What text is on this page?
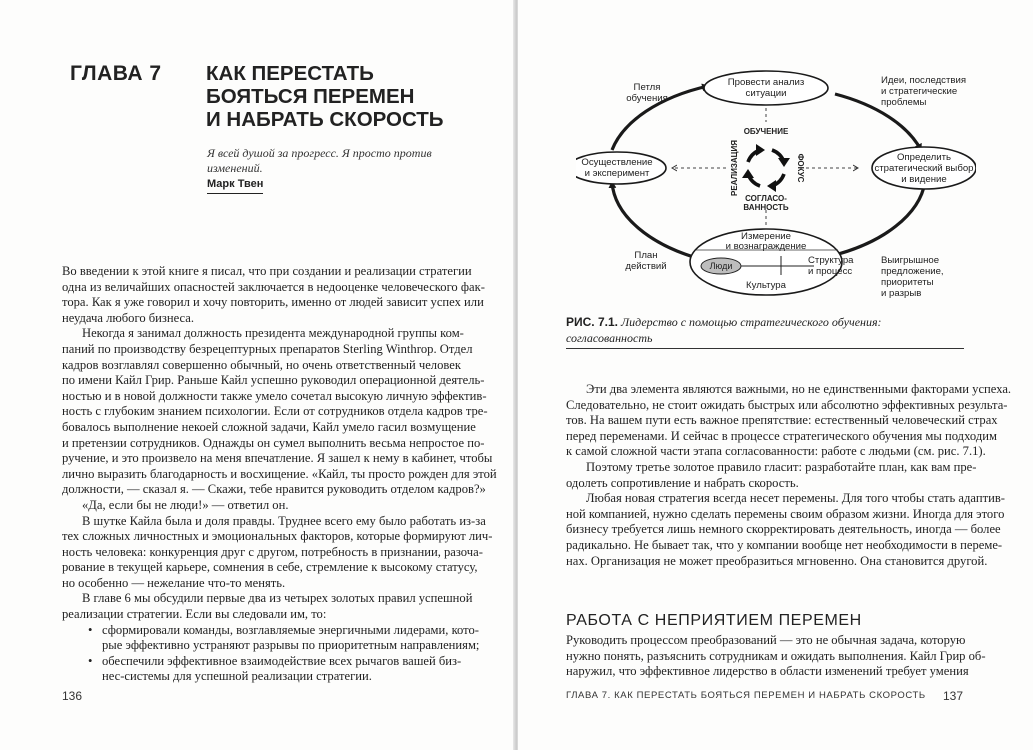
ГЛАВА 7 КАК ПЕРЕСТАТЬ
БОЯТЬСЯ ПЕРЕМЕН
И НАБРАТЬ СКОРОСТЬ
Я всей душой за прогресс. Я просто против
изменений.
Марк Твен
Во введении к этой книге я писал, что при создании и реализации стратегии
одна из величайших опасностей заключается в недооценке человеческого фак-
тора. Как я уже говорил и хочу повторить, именно от людей зависит успех или
неудача любого бизнеса.
Некогда я занимал должность президента международной группы ком-
паний по производству безрецептурных препаратов Sterling Winthrop. Отдел
кадров возглавлял совершенно обычный, но очень ответственный человек
по имени Кайл Грир. Раньше Кайл успешно руководил операционной деятель-
ностью и в новой должности также умело сочетал высокую личную эффектив-
ность с глубоким знанием психологии. Если от сотрудников отдела кадров тре-
бовалось выполнение некоей сложной задачи, Кайл умело гасил возмущение
и претензии сотрудников. Однажды он сумел выполнить весьма непростое по-
ручение, и это произвело на меня впечатление. Я зашел к нему в кабинет, чтобы
лично выразить благодарность и восхищение. «Кайл, ты просто рожден для этой
должности, — сказал я. — Скажи, тебе нравится руководить отделом кадров?»
«Да, если бы не люди!» — ответил он.
В шутке Кайла была и доля правды. Труднее всего ему было работать из-за
тех сложных личностных и эмоциональных факторов, которые формируют лич-
ность человека: конкуренция друг с другом, потребность в признании, разоча-
рование в текущей карьере, сомнения в себе, стремление к высокому статусу,
но особенно — нежелание что-то менять.
В главе 6 мы обсудили первые два из четырех золотых правил успешной
реализации стратегии. Если вы следовали им, то:
• сформировали команды, возглавляемые энергичными лидерами, кото-
рые эффективно устраняют разрывы по приоритетным направлениям;
• обеспечили эффективное взаимодействие всех рычагов вашей биз-
нес-системы для успешной реализации стратегии.
136
Провести анализ
ситуации
Определить
стратегический выбор
и видение
Осуществление
и эксперимент
Измерение
и вознаграждение
Люди
Культура
Структура
и процесс
Петля
обучения
План
действий
Идеи, последствия
и стратегические
проблемы
Выигрышное
предложение,
приоритеты
и разрыв
ОБУЧЕНИЕ
СОГЛАСО-
ВАННОСТЬ
РЕАЛИЗАЦИЯ	ФОКУС
РИС. 7.1. Лидерство с помощью стратегического обучения:
согласованность
Эти два элемента являются важными, но не единственными факторами успеха.
Следовательно, не стоит ожидать быстрых или абсолютно эффективных результа-
тов. На вашем пути есть важное препятствие: естественный человеческий страх
перед переменами. И сейчас в процессе стратегического обучения мы подходим
к самой сложной части этапа согласованности: работе с людьми (см. рис. 7.1).
Поэтому третье золотое правило гласит: разработайте план, как вам пре-
одолеть сопротивление и набрать скорость.
Любая новая стратегия всегда несет перемены. Для того чтобы стать адаптив-
ной компанией, нужно сделать перемены своим образом жизни. Иногда для этого
бизнесу требуется лишь немного скорректировать деятельность, иногда — более
радикально. Не бывает так, что у компании вообще нет необходимости в переме-
нах. Организация не может преобразиться мгновенно. Она становится другой.
РАБОТА С НЕПРИЯТИЕМ ПЕРЕМЕН
Руководить процессом преобразований — это не обычная задача, которую
нужно понять, разъяснить сотрудникам и ожидать выполнения. Кайл Грир об-
наружил, что эффективное лидерство в области изменений требует умения
ГЛАВА 7. КАК ПЕРЕСТАТЬ БОЯТЬСЯ ПЕРЕМЕН И НАБРАТЬ СКОРОСТЬ 137
